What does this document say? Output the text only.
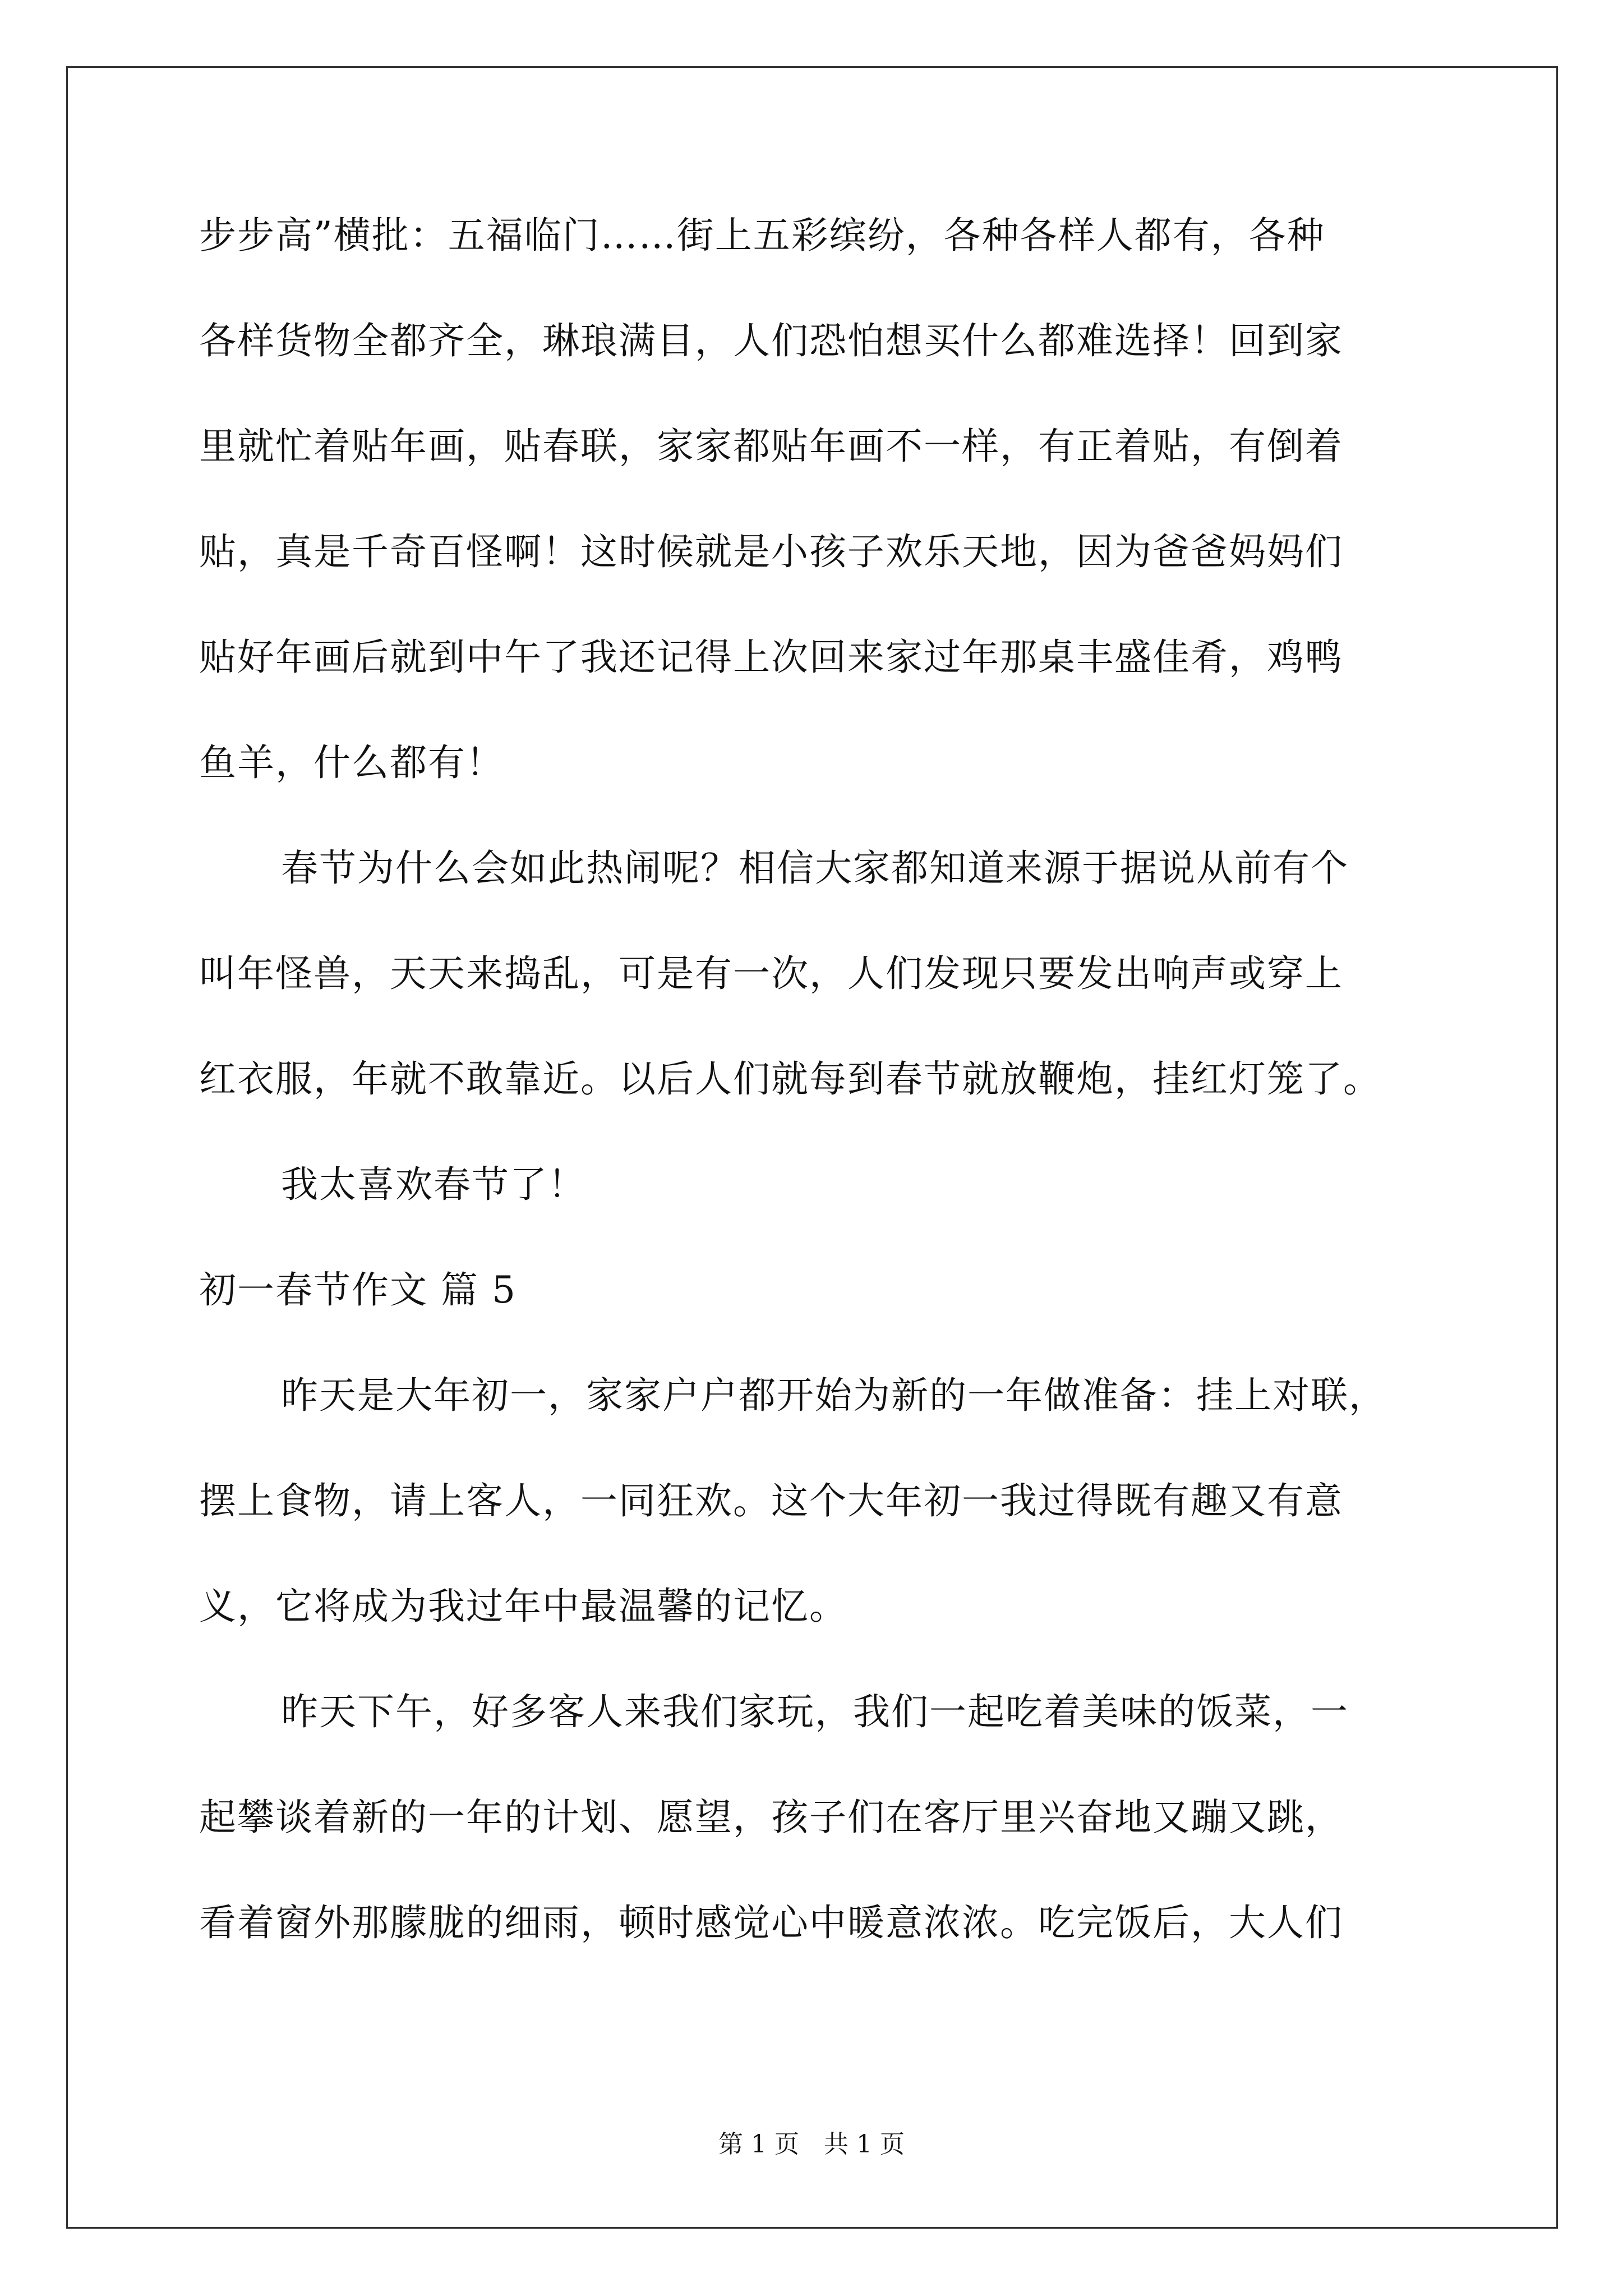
步步高”横批：五福临门……街上五彩缤纷，各种各样人都有，各种
各样货物全都齐全，琳琅满目，人们恐怕想买什么都难选择！回到家
里就忙着贴年画，贴春联，家家都贴年画不一样，有正着贴，有倒着
贴，真是千奇百怪啊！这时候就是小孩子欢乐天地，因为爸爸妈妈们
贴好年画后就到中午了我还记得上次回来家过年那桌丰盛佳肴，鸡鸭
鱼羊，什么都有！
春节为什么会如此热闹呢？相信大家都知道来源于据说从前有个
叫年怪兽，天天来捣乱，可是有一次，人们发现只要发出响声或穿上
红衣服，年就不敢靠近。以后人们就每到春节就放鞭炮，挂红灯笼了。
我太喜欢春节了！
初一春节作文 篇 5
昨天是大年初一，家家户户都开始为新的一年做准备：挂上对联，
摆上食物，请上客人，一同狂欢。这个大年初一我过得既有趣又有意
义，它将成为我过年中最温馨的记忆。
昨天下午，好多客人来我们家玩，我们一起吃着美味的饭菜，一
起攀谈着新的一年的计划、愿望，孩子们在客厅里兴奋地又蹦又跳，
看着窗外那朦胧的细雨，顿时感觉心中暖意浓浓。吃完饭后，大人们
第 1 页　共 1 页
